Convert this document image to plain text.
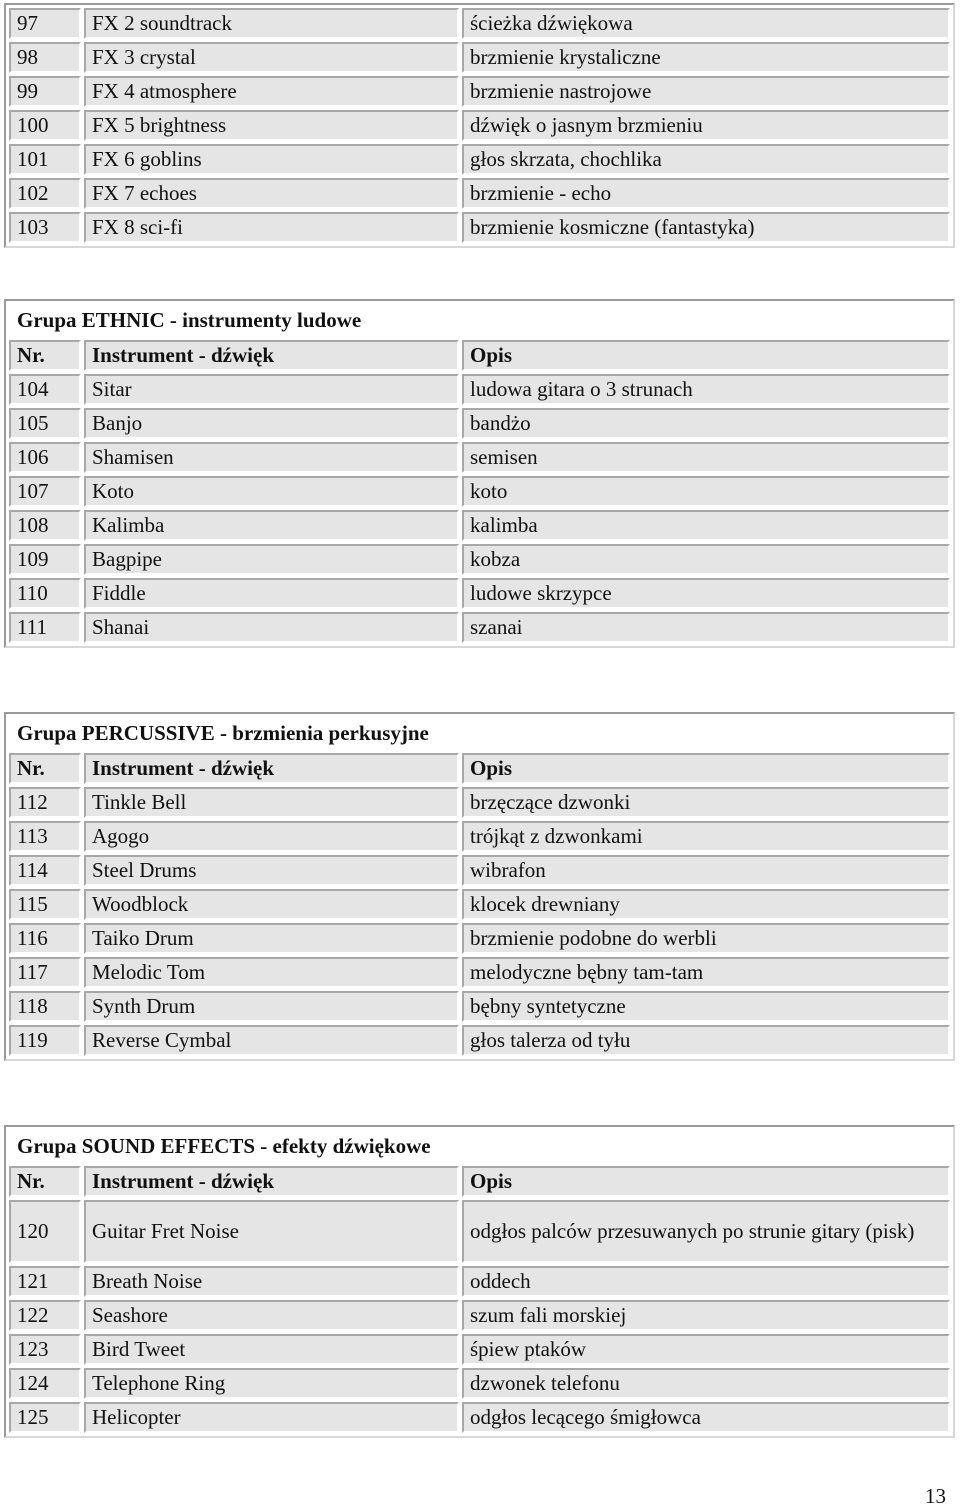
97	FX 2 soundtrack	ścieżka dźwiękowa
98	FX 3 crystal	brzmienie krystaliczne
99	FX 4 atmosphere	brzmienie nastrojowe
100	FX 5 brightness	dźwięk o jasnym brzmieniu
101	FX 6 goblins	głos skrzata, chochlika
102	FX 7 echoes	brzmienie - echo
103	FX 8 sci-fi	brzmienie kosmiczne (fantastyka)
Grupa ETHNIC - instrumenty ludowe		
Nr.	Instrument - dźwięk	Opis
104	Sitar	ludowa gitara o 3 strunach
105	Banjo	bandżo
106	Shamisen	semisen
107	Koto	koto
108	Kalimba	kalimba
109	Bagpipe	kobza
110	Fiddle	ludowe skrzypce
111	Shanai	szanai
Grupa PERCUSSIVE - brzmienia perkusyjne		
Nr.	Instrument - dźwięk	Opis
112	Tinkle Bell	brzęczące dzwonki
113	Agogo	trójkąt z dzwonkami
114	Steel Drums	wibrafon
115	Woodblock	klocek drewniany
116	Taiko Drum	brzmienie podobne do werbli
117	Melodic Tom	melodyczne bębny tam-tam
118	Synth Drum	bębny syntetyczne
119	Reverse Cymbal	głos talerza od tyłu
Grupa SOUND EFFECTS - efekty dźwiękowe		
Nr.	Instrument - dźwięk	Opis
120	Guitar Fret Noise	odgłos palców przesuwanych po strunie gitary (pisk)
121	Breath Noise	oddech
122	Seashore	szum fali morskiej
123	Bird Tweet	śpiew ptaków
124	Telephone Ring	dzwonek telefonu
125	Helicopter	odgłos lecącego śmigłowca
13
